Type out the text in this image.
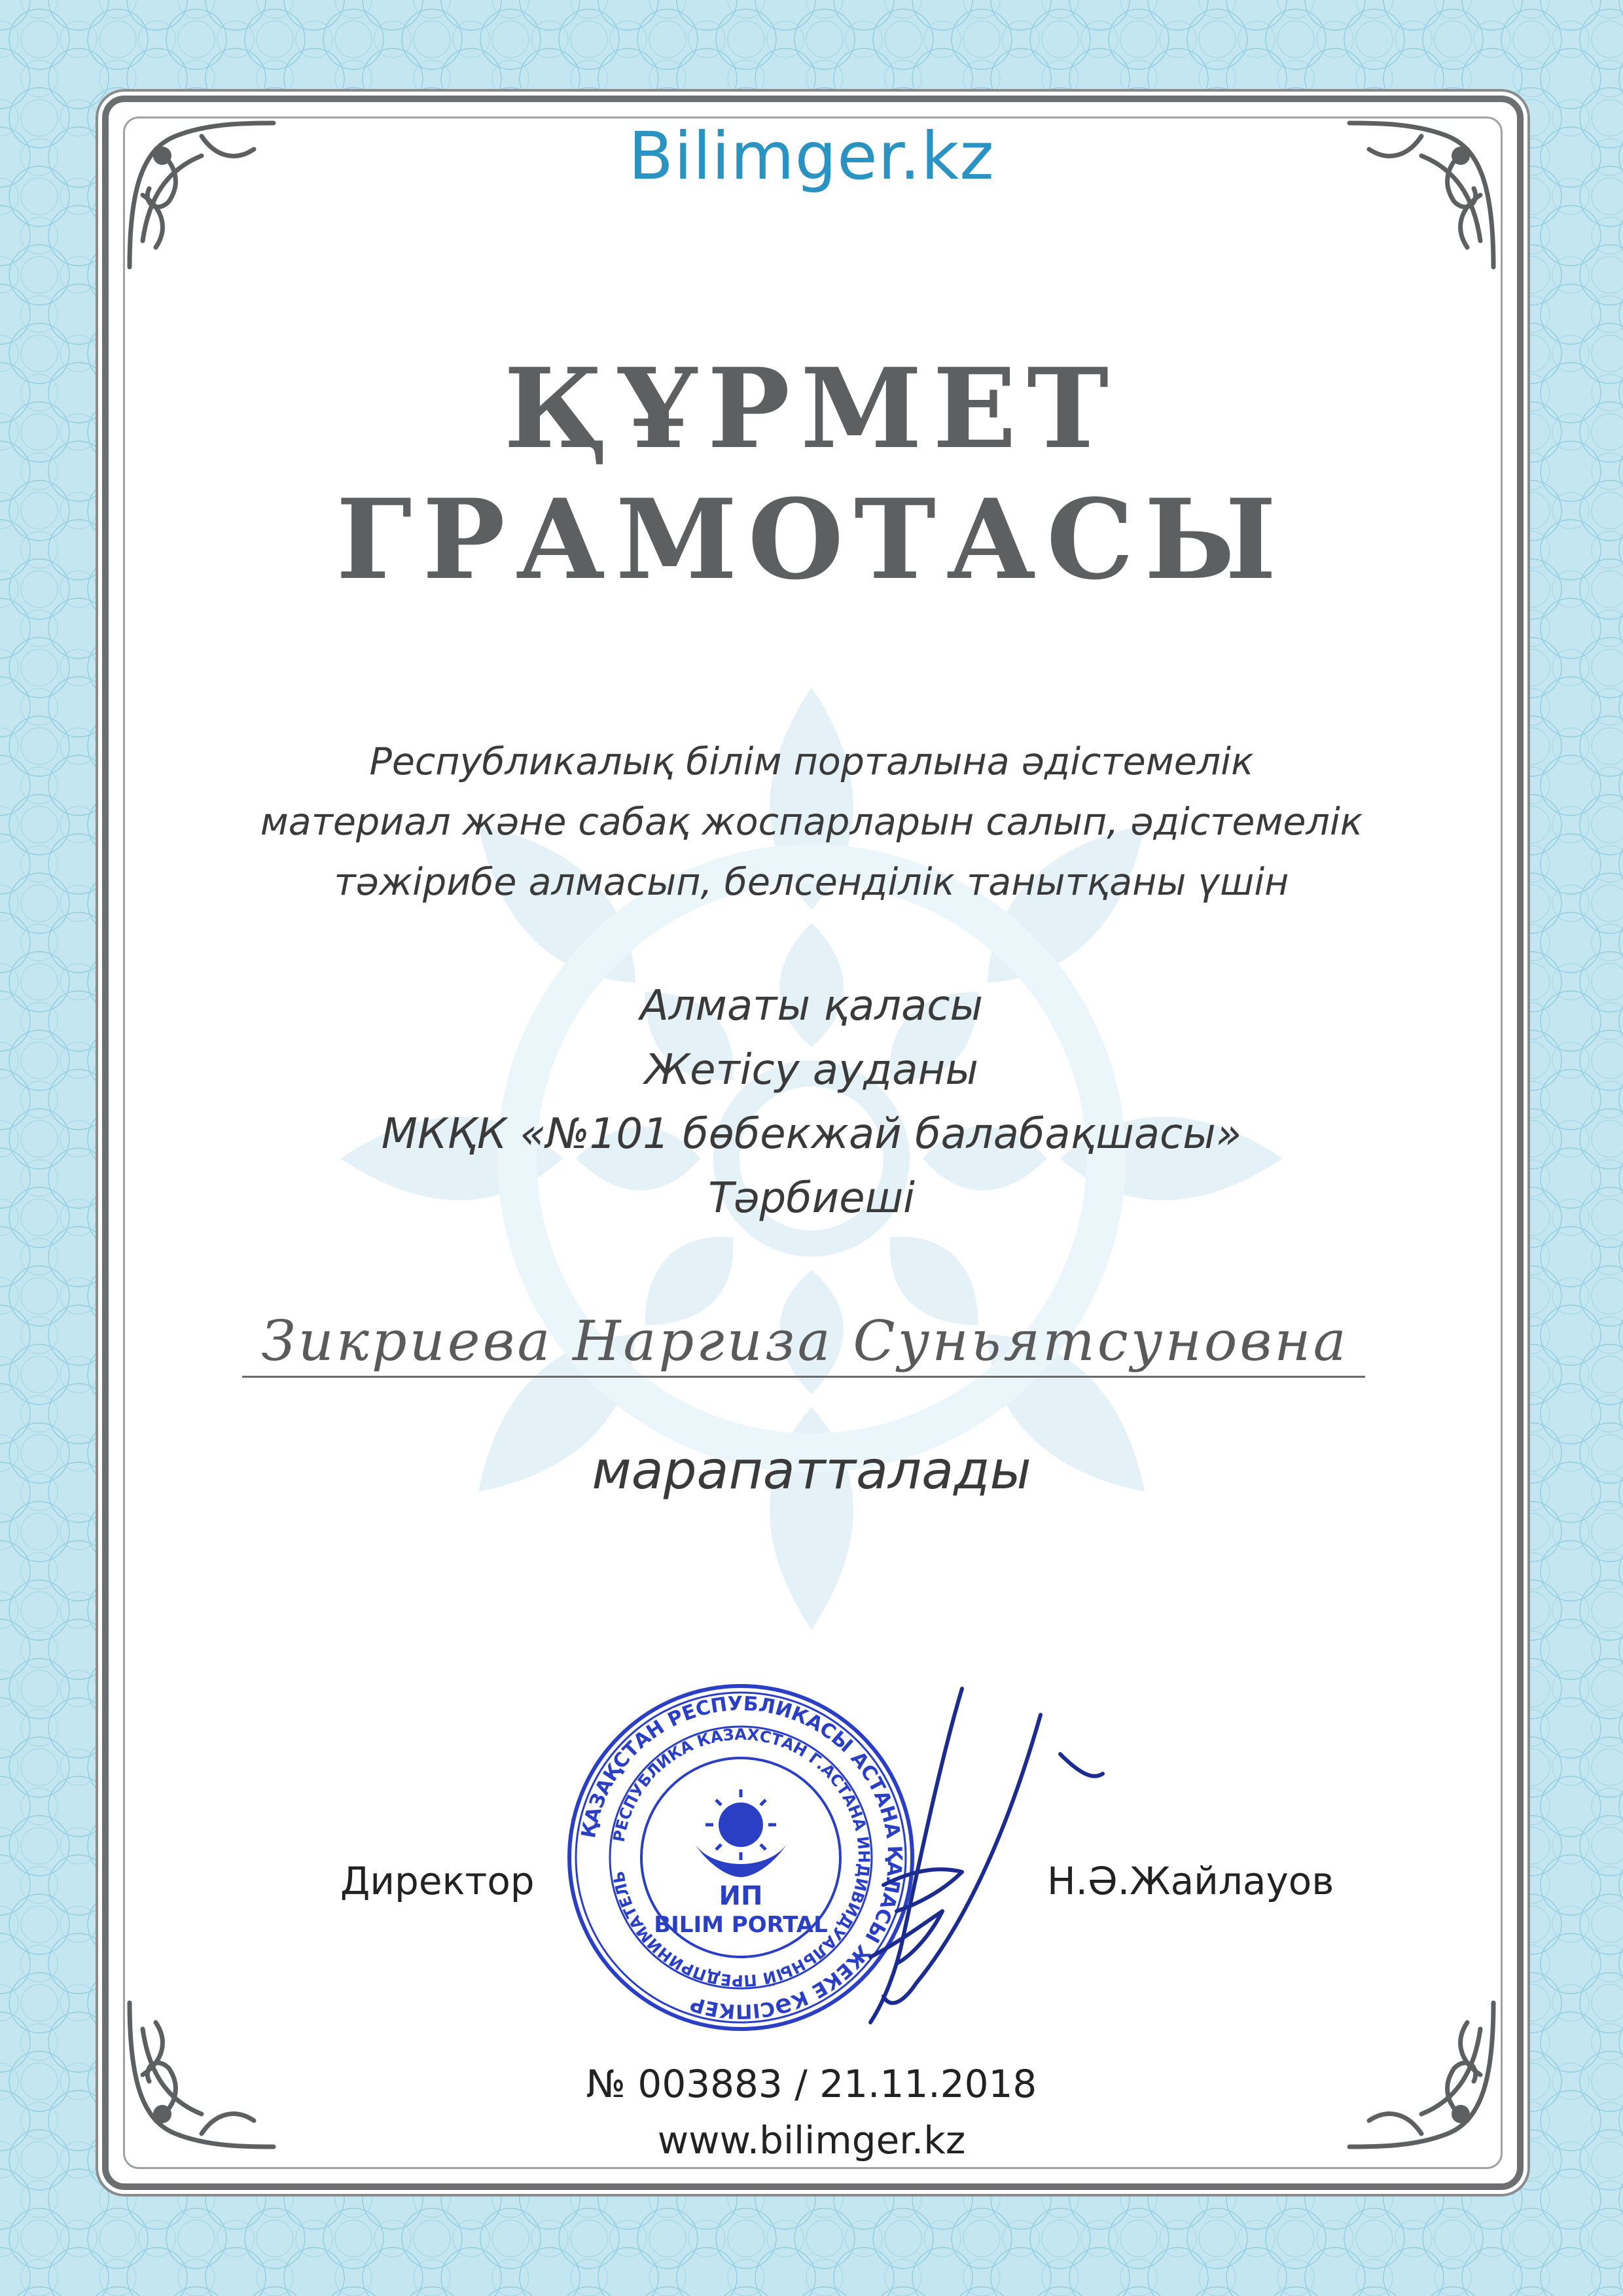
Bilimger.kz
ҚҰРМЕТ
ГРАМОТАСЫ
Республикалық білім порталына әдістемелік
материал және сабақ жоспарларын салып, әдістемелік
тәжірибе алмасып, белсенділік танытқаны үшін
Алматы қаласы
Жетісу ауданы
МКҚК «№101 бөбекжай балабақшасы»
Тәрбиеші
Зикриева Наргиза Суньятсуновна
марапатталады
Директор
ҚАЗАҚСТАН РЕСПУБЛИКАСЫ АСТАНА ҚАЛАСЫ ЖЕКЕ КӘСІПКЕР
РЕСПУБЛИКА КАЗАХСТАН Г.АСТАНА ИНДИВИДУАЛЬНЫЙ ПРЕДПРИНИМАТЕЛЬ
ИП
BILIM PORTAL
Н.Ә.Жайлауов
№ 003883 / 21.11.2018
www.bilimger.kz
